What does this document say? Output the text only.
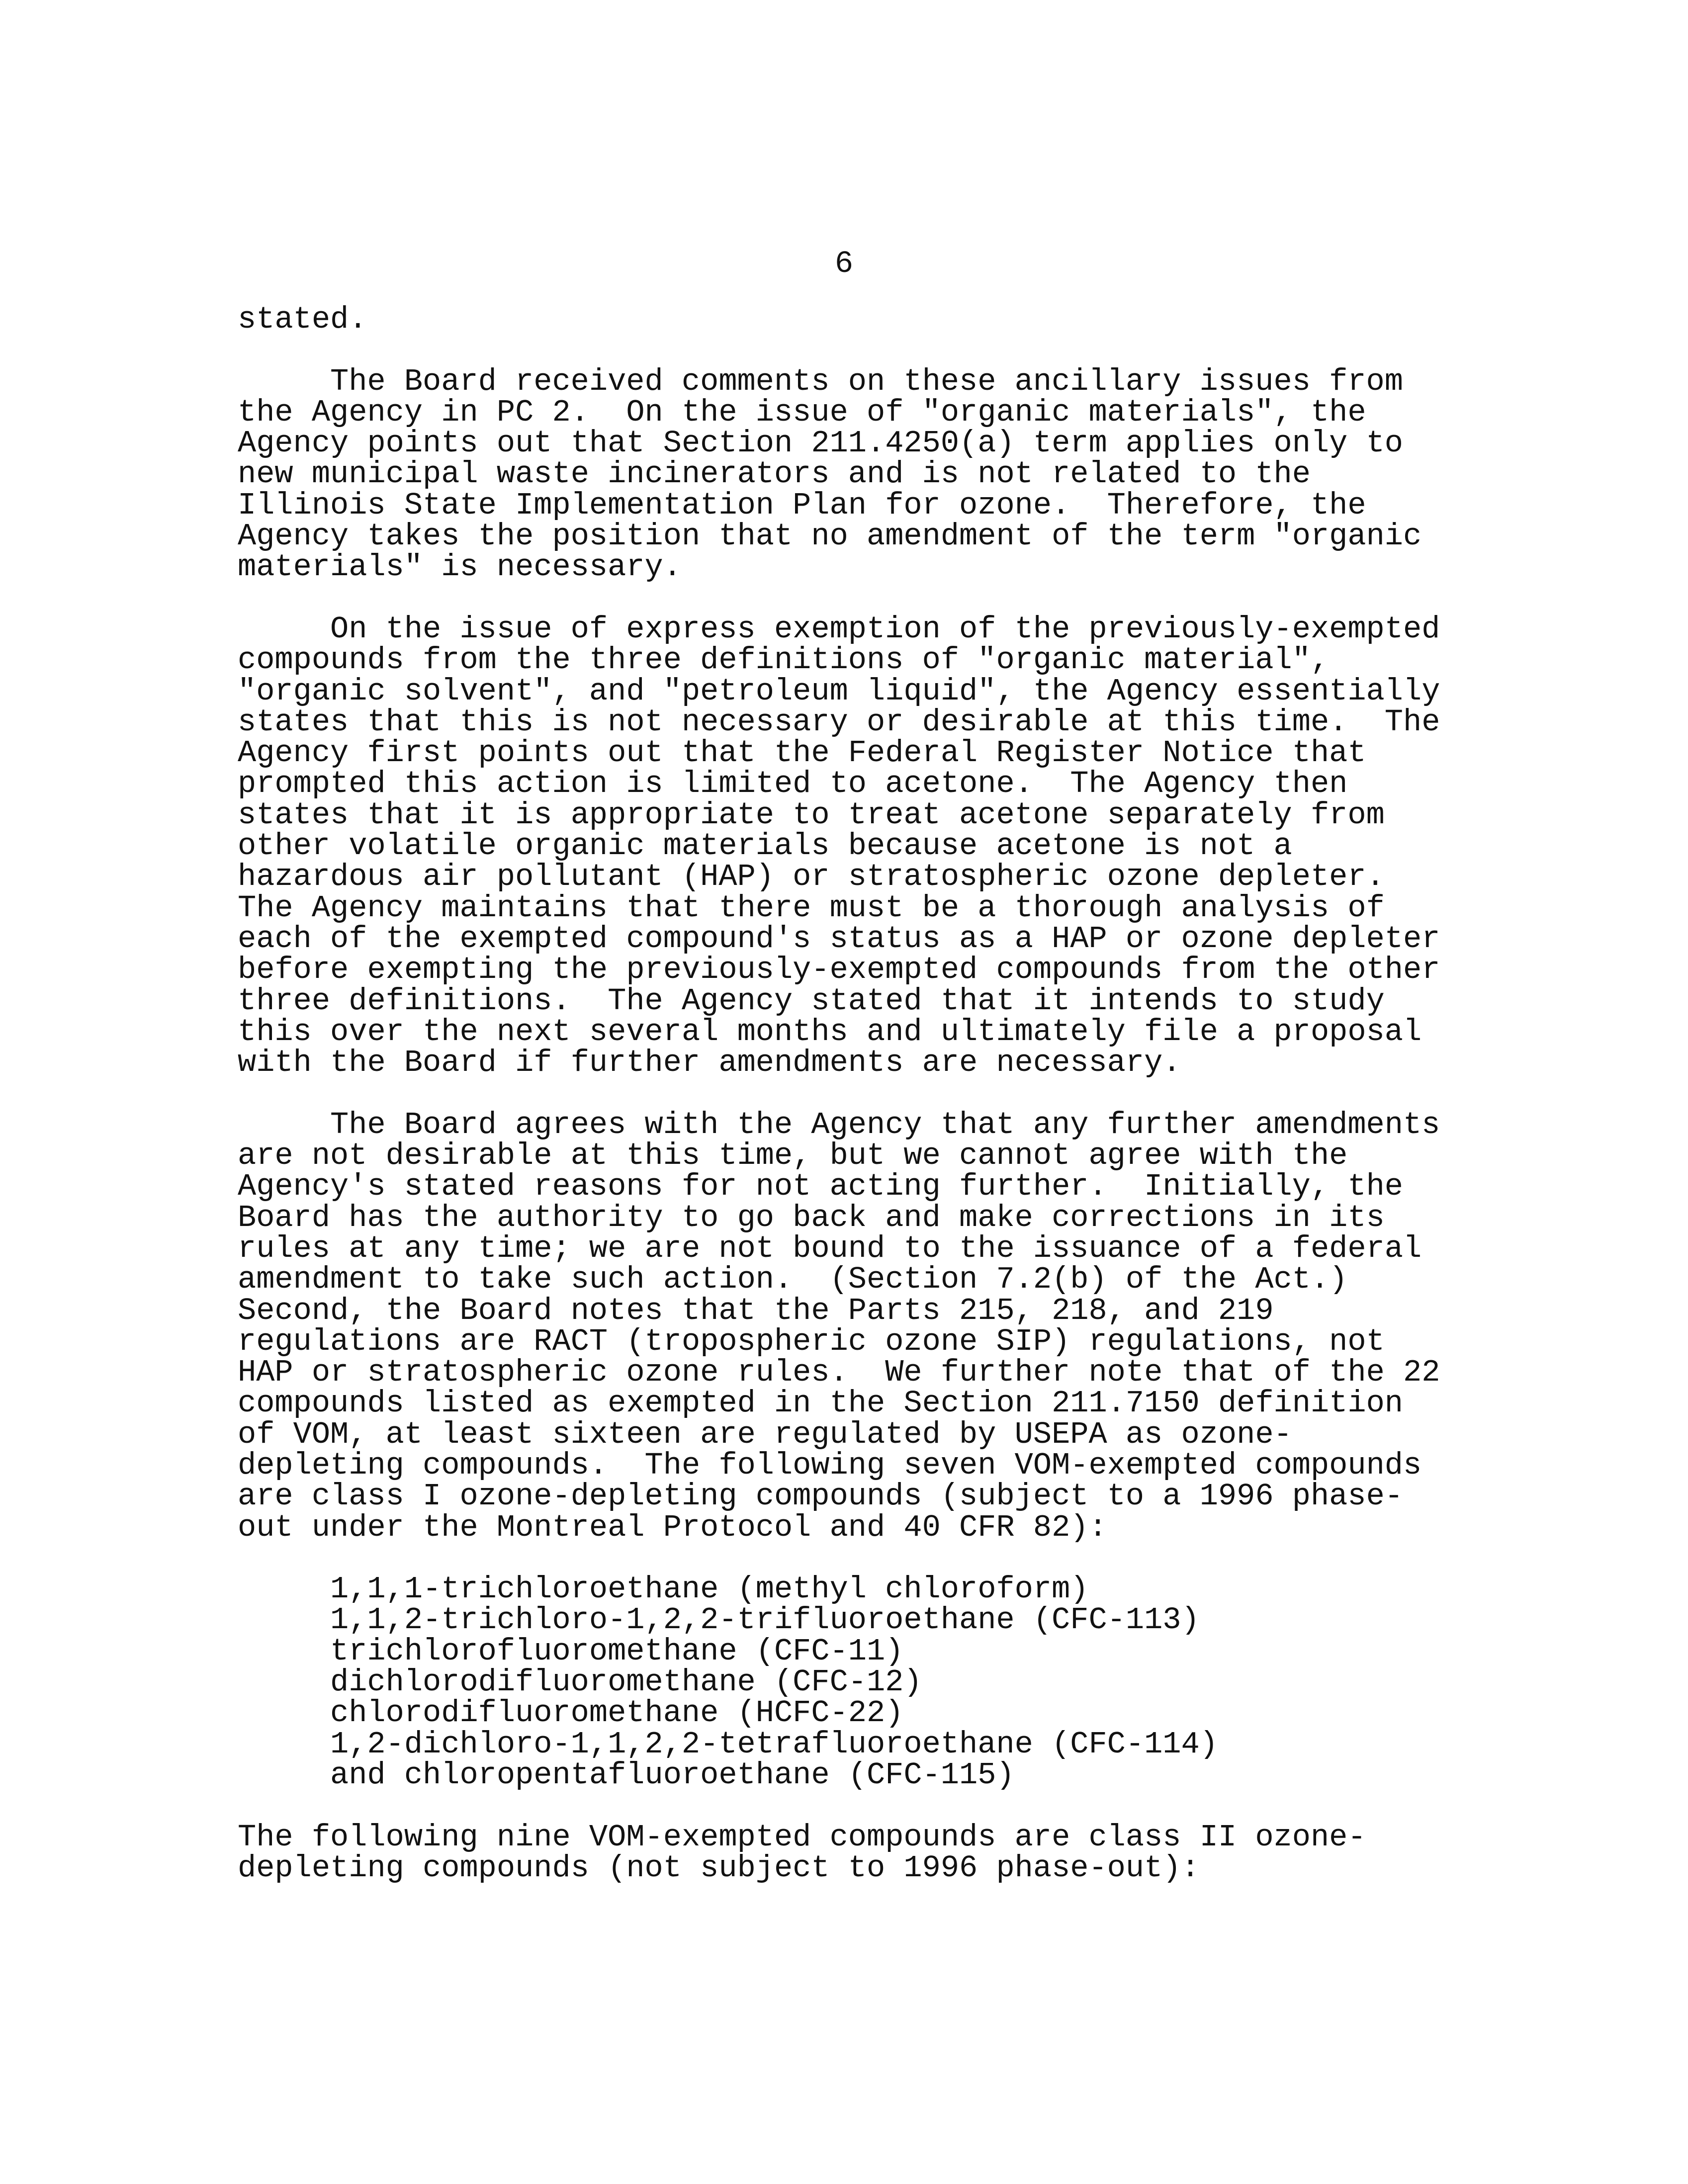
6
stated.
The Board received comments on these ancillary issues from
the Agency in PC 2.  On the issue of "organic materials", the
Agency points out that Section 211.4250(a) term applies only to
new municipal waste incinerators and is not related to the
Illinois State Implementation Plan for ozone.  Therefore, the
Agency takes the position that no amendment of the term "organic
materials" is necessary.
On the issue of express exemption of the previously-exempted
compounds from the three definitions of "organic material",
"organic solvent", and "petroleum liquid", the Agency essentially
states that this is not necessary or desirable at this time.  The
Agency first points out that the Federal Register Notice that
prompted this action is limited to acetone.  The Agency then
states that it is appropriate to treat acetone separately from
other volatile organic materials because acetone is not a
hazardous air pollutant (HAP) or stratospheric ozone depleter.
The Agency maintains that there must be a thorough analysis of
each of the exempted compound's status as a HAP or ozone depleter
before exempting the previously-exempted compounds from the other
three definitions.  The Agency stated that it intends to study
this over the next several months and ultimately file a proposal
with the Board if further amendments are necessary.
The Board agrees with the Agency that any further amendments
are not desirable at this time, but we cannot agree with the
Agency's stated reasons for not acting further.  Initially, the
Board has the authority to go back and make corrections in its
rules at any time; we are not bound to the issuance of a federal
amendment to take such action.  (Section 7.2(b) of the Act.)
Second, the Board notes that the Parts 215, 218, and 219
regulations are RACT (tropospheric ozone SIP) regulations, not
HAP or stratospheric ozone rules.  We further note that of the 22
compounds listed as exempted in the Section 211.7150 definition
of VOM, at least sixteen are regulated by USEPA as ozone-
depleting compounds.  The following seven VOM-exempted compounds
are class I ozone-depleting compounds (subject to a 1996 phase-
out under the Montreal Protocol and 40 CFR 82):
1,1,1-trichloroethane (methyl chloroform)
1,1,2-trichloro-1,2,2-trifluoroethane (CFC-113)
trichlorofluoromethane (CFC-11)
dichlorodifluoromethane (CFC-12)
chlorodifluoromethane (HCFC-22)
1,2-dichloro-1,1,2,2-tetrafluoroethane (CFC-114)
and chloropentafluoroethane (CFC-115)
The following nine VOM-exempted compounds are class II ozone-
depleting compounds (not subject to 1996 phase-out):
